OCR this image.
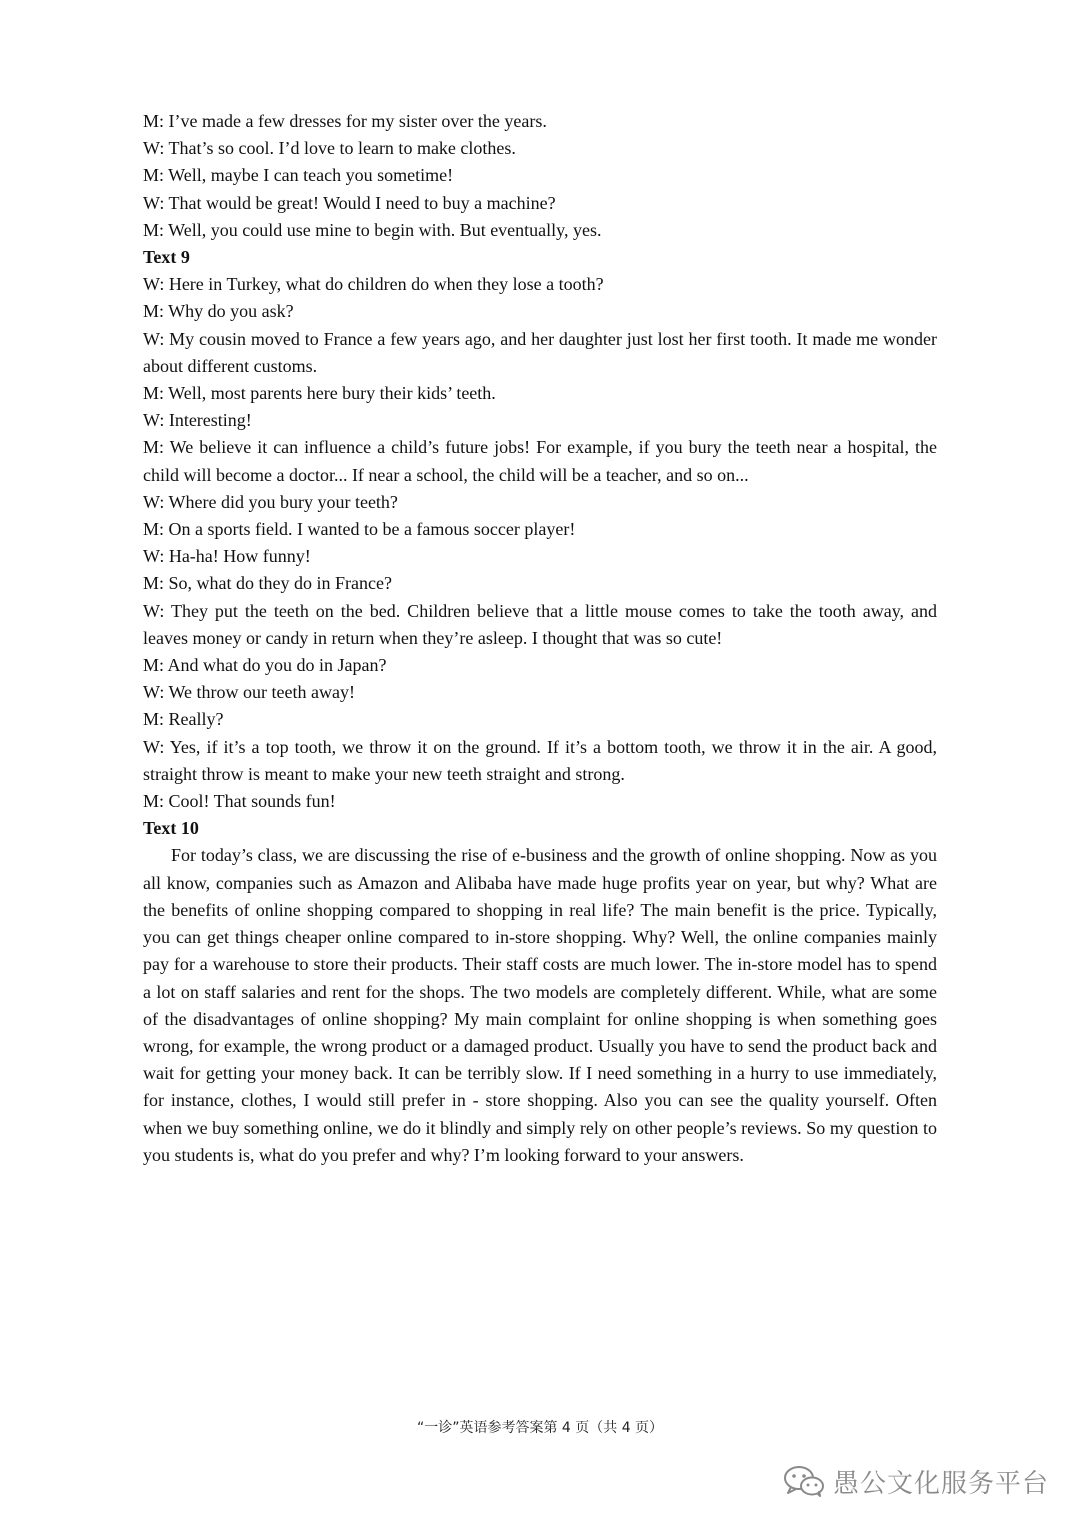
M: I’ve made a few dresses for my sister over the years.

W: That’s so cool. I’d love to learn to make clothes.

M: Well, maybe I can teach you sometime!

W: That would be great! Would I need to buy a machine?

M: Well, you could use mine to begin with. But eventually, yes.

Text 9

W: Here in Turkey, what do children do when they lose a tooth?

M: Why do you ask?

W: My cousin moved to France a few years ago, and her daughter just lost her first tooth. It made me wonder about different customs.

M: Well, most parents here bury their kids’ teeth.

W: Interesting!

M: We believe it can influence a child’s future jobs! For example, if you bury the teeth near a hospital, the child will become a doctor... If near a school, the child will be a teacher, and so on...

W: Where did you bury your teeth?

M: On a sports field. I wanted to be a famous soccer player!

W: Ha-ha! How funny!

M: So, what do they do in France?

W: They put the teeth on the bed. Children believe that a little mouse comes to take the tooth away, and leaves money or candy in return when they’re asleep. I thought that was so cute!

M: And what do you do in Japan?

W: We throw our teeth away!

M: Really?

W: Yes, if it’s a top tooth, we throw it on the ground. If it’s a bottom tooth, we throw it in the air. A good, straight throw is meant to make your new teeth straight and strong.

M: Cool! That sounds fun!

Text 10

For today’s class, we are discussing the rise of e-business and the growth of online shopping. Now as you all know, companies such as Amazon and Alibaba have made huge profits year on year, but why? What are the benefits of online shopping compared to shopping in real life? The main benefit is the price. Typically, you can get things cheaper online compared to in-store shopping. Why? Well, the online companies mainly pay for a warehouse to store their products. Their staff costs are much lower. The in-store model has to spend a lot on staff salaries and rent for the shops. The two models are completely different. While, what are some of the disadvantages of online shopping? My main complaint for online shopping is when something goes wrong, for example, the wrong product or a damaged product. Usually you have to send the product back and wait for getting your money back. It can be terribly slow. If I need something in a hurry to use immediately, for instance, clothes, I would still prefer in - store shopping. Also you can see the quality yourself. Often when we buy something online, we do it blindly and simply rely on other people’s reviews. So my question to you students is, what do you prefer and why? I’m looking forward to your answers.

“一诊”英语参考答案第 4 页（共 4 页）
愚公文化服务平台
